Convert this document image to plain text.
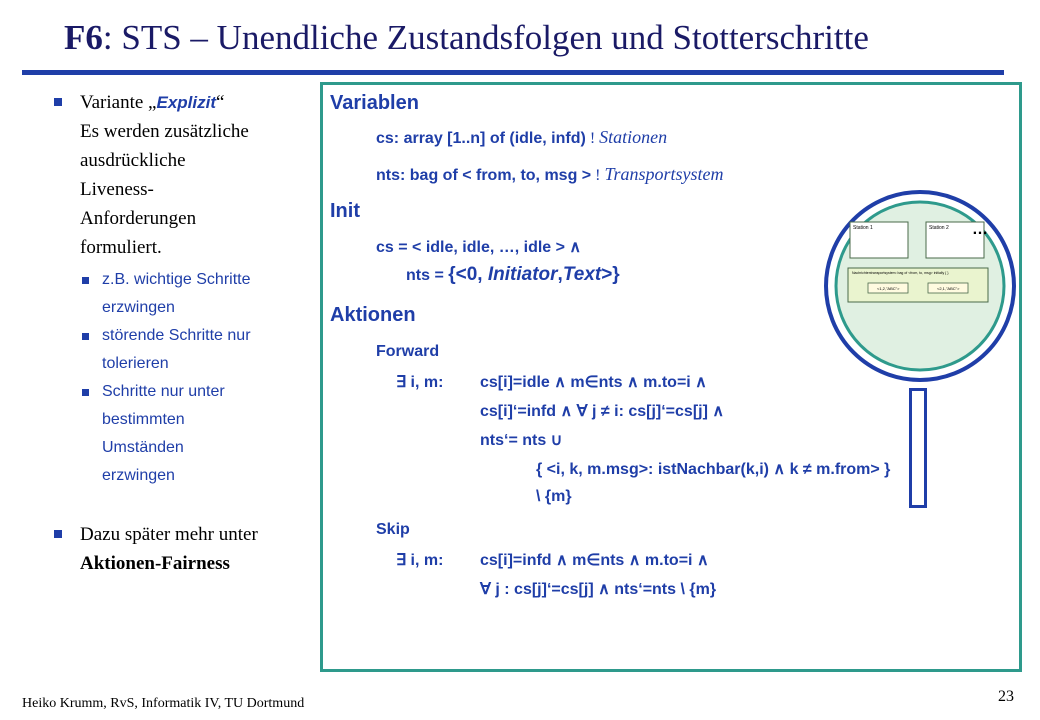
F6: STS – Unendliche Zustandsfolgen und Stotterschritte
Variante „Explizit“
Es werden zusätzliche
ausdrückliche
Liveness-
Anforderungen
formuliert.
z.B. wichtige Schritte
erzwingen
störende Schritte nur
tolerieren
Schritte nur unter
bestimmten
Umständen
erzwingen
Dazu später mehr unter
Aktionen-Fairness
Variablen
cs: array [1..n] of (idle, infd) ! Stationen
nts: bag of < from, to, msg > ! Transportsystem
Init
cs = < idle, idle, …, idle > ∧
nts = {<0, Initiator,Text>}
Aktionen
Forward
∃ i, m: cs[i]=idle ∧ m∈nts ∧ m.to=i ∧
cs[i]‘=infd ∧ ∀ j ≠ i: cs[j]‘=cs[j] ∧
nts‘= nts ∪
{ <i, k, m.msg>: istNachbar(k,i) ∧ k ≠ m.from> }
\ {m}
Skip
∃ i, m: cs[i]=infd ∧ m∈nts ∧ m.to=i ∧
∀ j : cs[j]‘=cs[j] ∧ nts‘=nts \ {m}
Station 1	Station 2 …
Nachrichtentransportsystem: bag of <from, to, msg> initially { }
<1,2,"ABC">	<2,1,"ABC">
Heiko Krumm, RvS, Informatik IV, TU Dortmund	23
